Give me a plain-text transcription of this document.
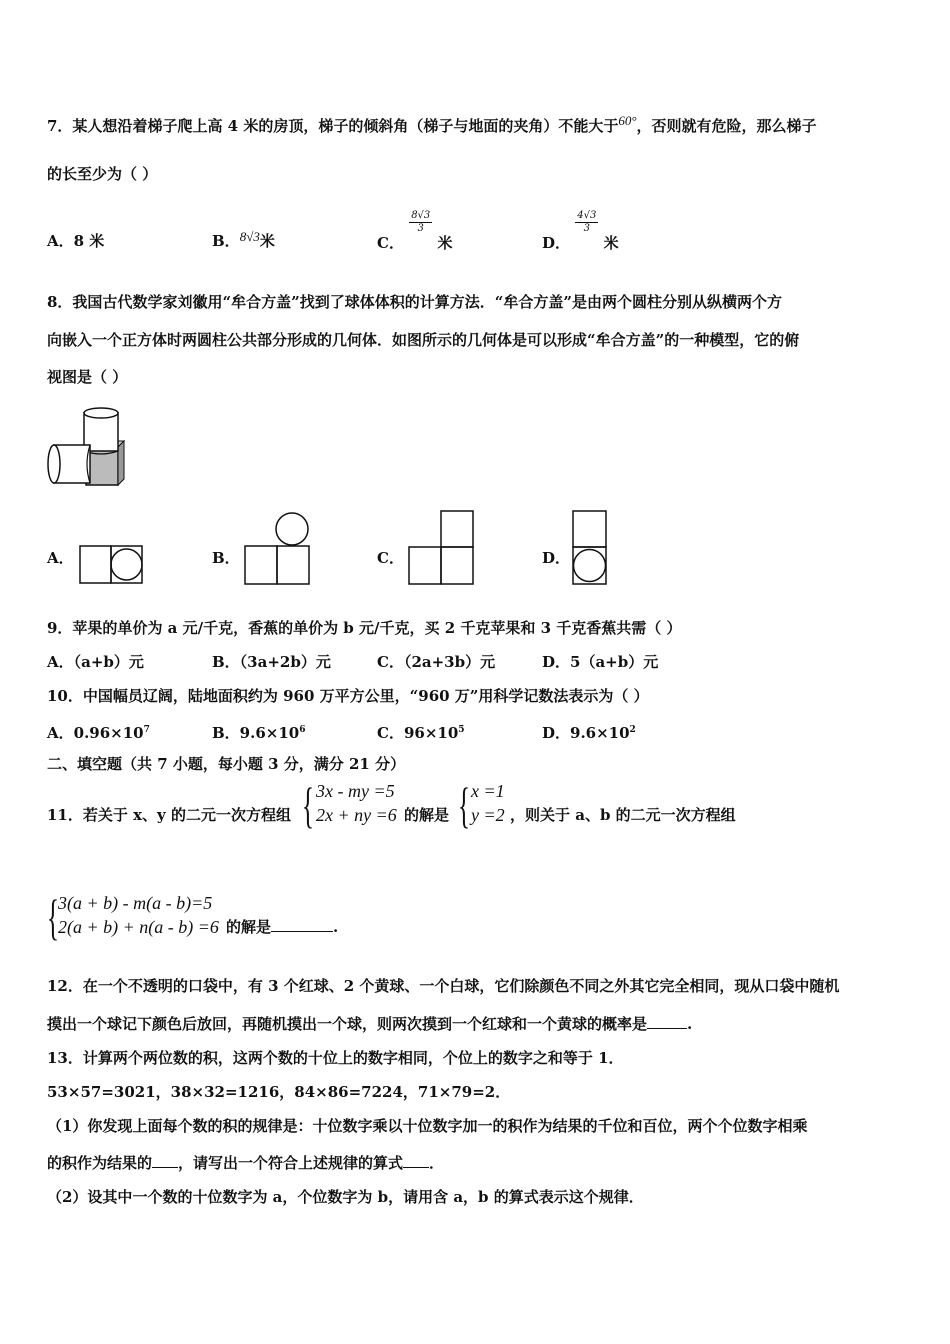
7．某人想沿着梯子爬上高 4 米的房顶，梯子的倾斜角（梯子与地面的夹角）不能大于60°，否则就有危险，那么梯子
的长至少为（ ）
A．8 米	B．8√3米	C．
$\frac{8√3}{3}$
米	D．
$\frac{4√3}{3}$
米
8．我国古代数学家刘徽用“牟合方盖”找到了球体体积的计算方法．“牟合方盖”是由两个圆柱分别从纵横两个方
向嵌入一个正方体时两圆柱公共部分形成的几何体．如图所示的几何体是可以形成“牟合方盖”的一种模型，它的俯
视图是（ ）
A．	B．	C．	D．
9．苹果的单价为 a 元/千克，香蕉的单价为 b 元/千克，买 2 千克苹果和 3 千克香蕉共需（ ）
A．（a+b）元	B．（3a+2b）元	C．（2a+3b）元	D．5（a+b）元
10．中国幅员辽阔，陆地面积约为 960 万平方公里，“960 万”用科学记数法表示为（ ）
A．$0.96\times 10^7$	B．$9.6\times 10^6$	C．$96\times 10^5$	D．$9.6\times 10^2$
二、填空题（共 7 小题，每小题 3 分，满分 21 分）
11．若关于 x、y 的二元一次方程组 { 3x - my =5
2x + ny =6 的解是 { x =1
y =2 ，则关于 a、b 的二元一次方程组
{ 3(a + b) - m(a - b)=5
2(a + b) + n(a - b) =6 的解是	.
12．在一个不透明的口袋中，有 3 个红球、2 个黄球、一个白球，它们除颜色不同之外其它完全相同，现从口袋中随机
摸出一个球记下颜色后放回，再随机摸出一个球，则两次摸到一个红球和一个黄球的概率是	.
13．计算两个两位数的积，这两个数的十位上的数字相同，个位上的数字之和等于 1．
53×57=3021，38×32=1216，84×86=7224，71×79=2．
（1）你发现上面每个数的积的规律是：十位数字乘以十位数字加一的积作为结果的千位和百位，两个个位数字相乘
的积作为结果的 ，请写出一个符合上述规律的算式 ．
（2）设其中一个数的十位数字为 a，个位数字为 b，请用含 a，b 的算式表示这个规律．
